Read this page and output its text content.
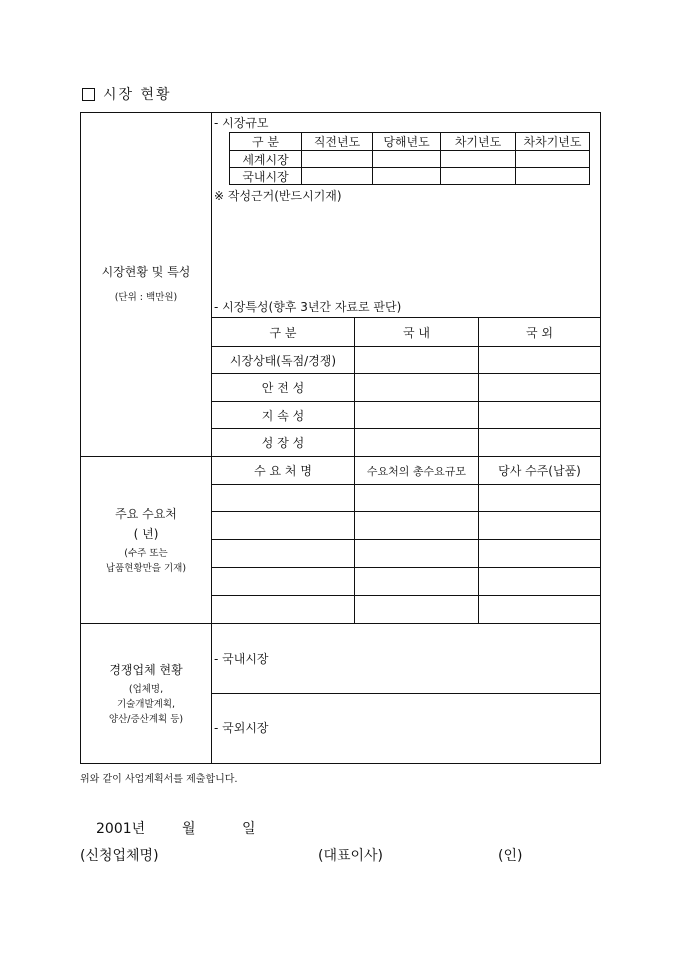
시장 현황
시장현황 및 특성
(단위 : 백만원)
- 시장규모
구 분	직전년도	당해년도	차기년도	차차기년도
세계시장
국내시장
※ 작성근거(반드시기재)
- 시장특성(향후 3년간 자료로 판단)
구 분	국 내	국 외
시장상태(독점/경쟁)
안 전 성
지 속 성
성 장 성
주요 수요처
( 년)
(수주 또는
납품현황만을 기재)
수 요 처 명	수요처의 총수요규모	당사 수주(납품)
경쟁업체 현황
(업체명,
기술개발계획,
양산/증산계획 등)
- 국내시장
- 국외시장
위와 같이 사업계획서를 제출합니다.
2001년	월	일
(신청업체명)	(대표이사)	(인)
